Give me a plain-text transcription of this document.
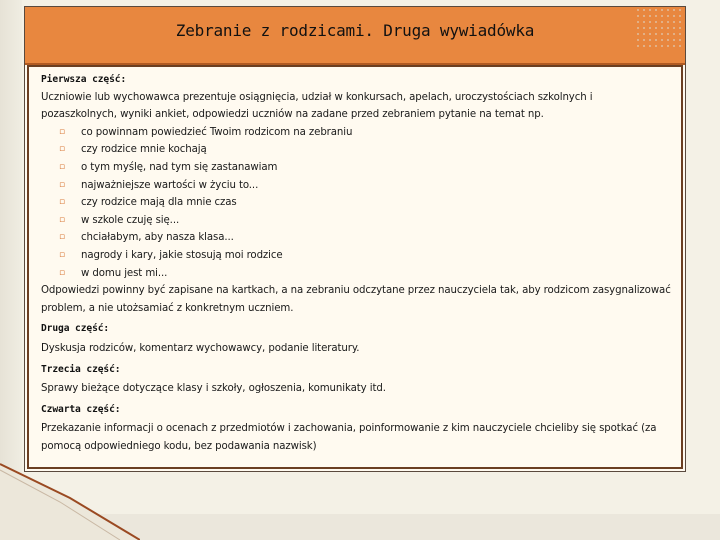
Zebranie z rodzicami. Druga wywiadówka
Pierwsza część:

Uczniowie lub wychowawca prezentuje osiągnięcia, udział w konkursach, apelach, uroczystościach szkolnych i pozaszkolnych, wyniki ankiet, odpowiedzi uczniów na zadane przed zebraniem pytanie na temat np.

▫ co powinnam powiedzieć Twoim rodzicom na zebraniu
▫ czy rodzice mnie kochają
▫ o tym myślę, nad tym się zastanawiam
▫ najważniejsze wartości w życiu to...
▫ czy rodzice mają dla mnie czas
▫ w szkole czuję się...
▫ chciałabym, aby nasza klasa...
▫ nagrody i kary, jakie stosują moi rodzice
▫ w domu jest mi...

Odpowiedzi powinny być zapisane na kartkach, a na zebraniu odczytane przez nauczyciela tak, aby rodzicom zasygnalizować problem, a nie utożsamiać z konkretnym uczniem.

Druga część:

Dyskusja rodziców, komentarz wychowawcy, podanie literatury.

Trzecia część:

Sprawy bieżące dotyczące klasy i szkoły, ogłoszenia, komunikaty itd.

Czwarta część:

Przekazanie informacji o ocenach z przedmiotów i zachowania, poinformowanie z kim nauczyciele chcieliby się spotkać (za pomocą odpowiedniego kodu, bez podawania nazwisk)
